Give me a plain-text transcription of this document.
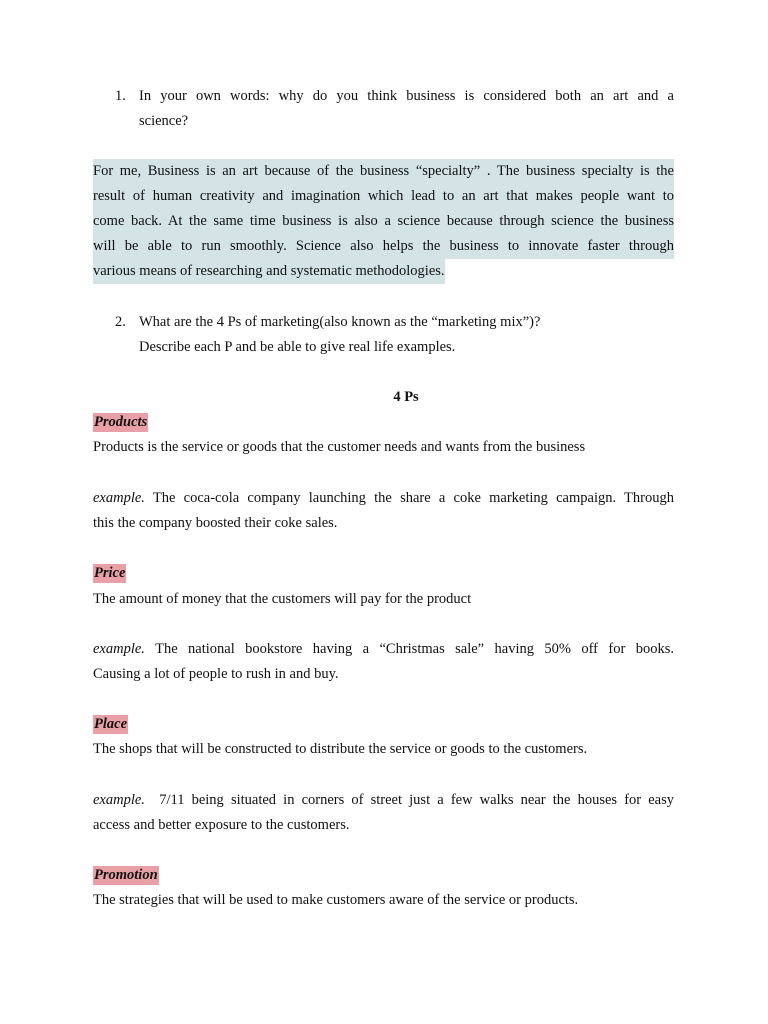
1. In your own words: why do you think business is considered both an art and a
science?
For me, Business is an art because of the business “specialty” . The business specialty is the
result of human creativity and imagination which lead to an art that makes people want to
come back. At the same time business is also a science because through science the business
will be able to run smoothly. Science also helps the business to innovate faster through
various means of researching and systematic methodologies.
2. What are the 4 Ps of marketing(also known as the “marketing mix”)?
Describe each P and be able to give real life examples.
4 Ps
Products
Products is the service or goods that the customer needs and wants from the business
example. The coca-cola company launching the share a coke marketing campaign. Through
this the company boosted their coke sales.
Price
The amount of money that the customers will pay for the product
example. The national bookstore having a “Christmas sale” having 50% off for books.
Causing a lot of people to rush in and buy.
Place
The shops that will be constructed to distribute the service or goods to the customers.
example. 7/11 being situated in corners of street just a few walks near the houses for easy
access and better exposure to the customers.
Promotion
The strategies that will be used to make customers aware of the service or products.
